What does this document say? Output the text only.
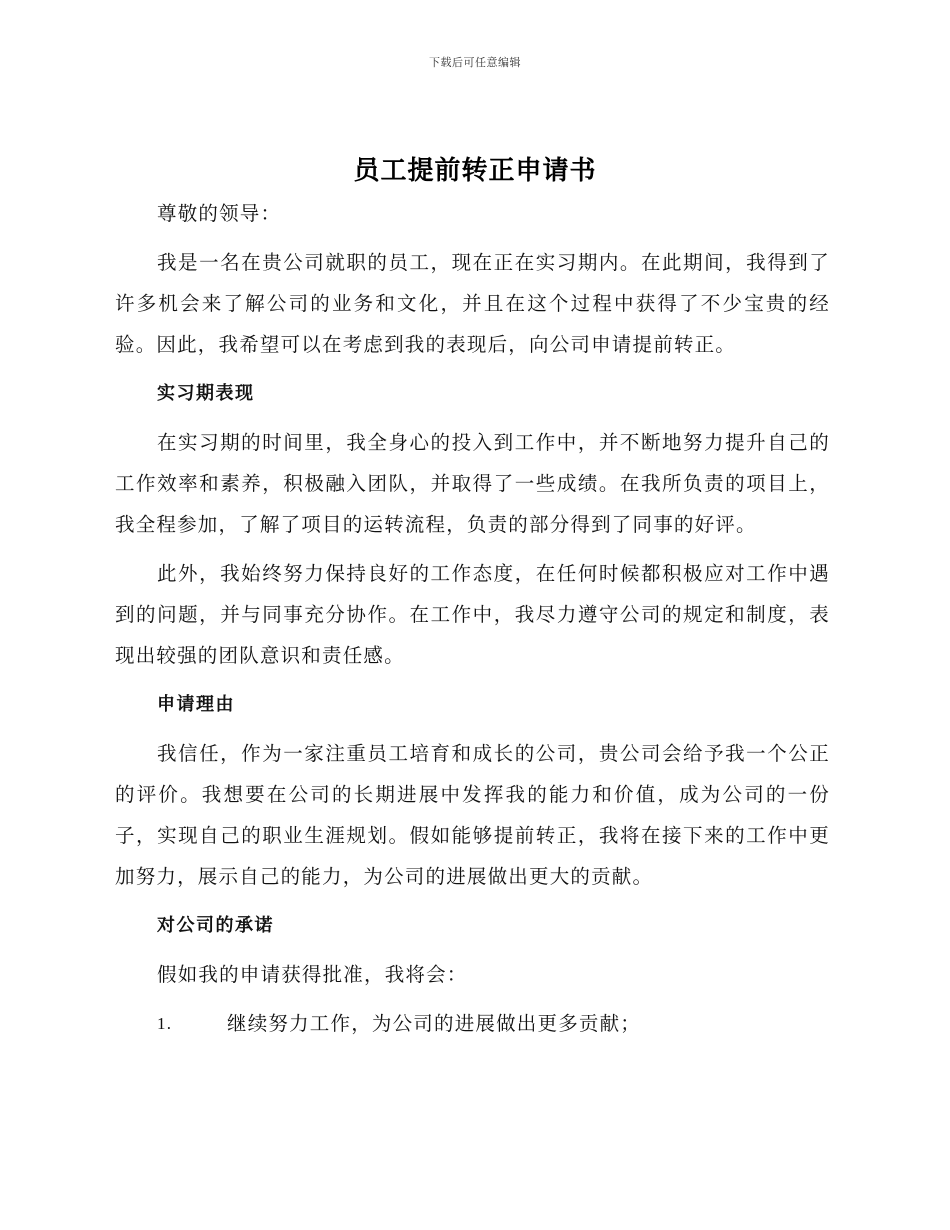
下载后可任意编辑
员工提前转正申请书

尊敬的领导：

我是一名在贵公司就职的员工，现在正在实习期内。在此期间，我得到了许多机会来了解公司的业务和文化，并且在这个过程中获得了不少宝贵的经验。因此，我希望可以在考虑到我的表现后，向公司申请提前转正。

实习期表现

在实习期的时间里，我全身心的投入到工作中，并不断地努力提升自己的工作效率和素养，积极融入团队，并取得了一些成绩。在我所负责的项目上，我全程参加，了解了项目的运转流程，负责的部分得到了同事的好评。

此外，我始终努力保持良好的工作态度，在任何时候都积极应对工作中遇到的问题，并与同事充分协作。在工作中，我尽力遵守公司的规定和制度，表现出较强的团队意识和责任感。

申请理由

我信任，作为一家注重员工培育和成长的公司，贵公司会给予我一个公正的评价。我想要在公司的长期进展中发挥我的能力和价值，成为公司的一份子，实现自己的职业生涯规划。假如能够提前转正，我将在接下来的工作中更加努力，展示自己的能力，为公司的进展做出更大的贡献。

对公司的承诺

假如我的申请获得批准，我将会：

1.	继续努力工作，为公司的进展做出更多贡献；
